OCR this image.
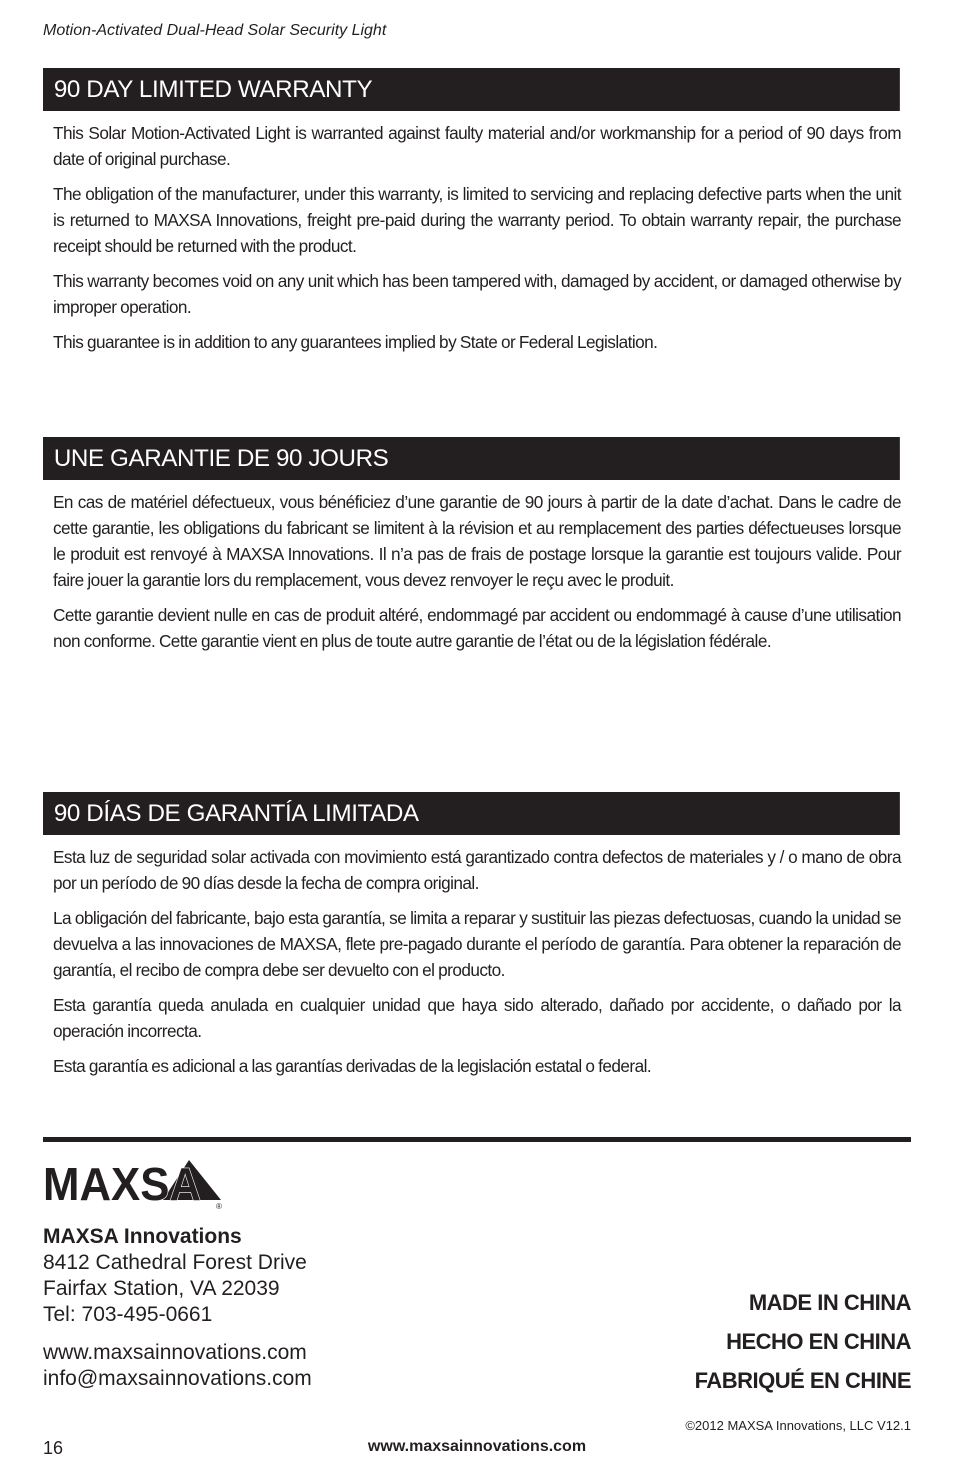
Motion-Activated Dual-Head Solar Security Light
90 DAY LIMITED WARRANTY

This Solar Motion-Activated Light is warranted against faulty material and/or workmanship for a period of 90 days from date of original purchase.

The obligation of the manufacturer, under this warranty, is limited to servicing and replacing defective parts when the unit is returned to MAXSA Innovations, freight pre-paid during the warranty period. To obtain warranty repair, the purchase receipt should be returned with the product.

This warranty becomes void on any unit which has been tampered with, damaged by accident, or damaged otherwise by improper operation.

This guarantee is in addition to any guarantees implied by State or Federal Legislation.

UNE GARANTIE DE 90 JOURS

En cas de matériel défectueux, vous bénéficiez d’une garantie de 90 jours à partir de la date d’achat. Dans le cadre de cette garantie, les obligations du fabricant se limitent à la révision et au remplacement des parties défectueuses lorsque le produit est renvoyé à MAXSA Innovations. Il n’a pas de frais de postage lorsque la garantie est toujours valide. Pour faire jouer la garantie lors du remplacement, vous devez renvoyer le reçu avec le produit.

Cette garantie devient nulle en cas de produit altéré, endommagé par accident ou endommagé à cause d’une utilisation non conforme. Cette garantie vient en plus de toute autre garantie de l’état ou de la législation fédérale.

90 DÍAS DE GARANTÍA LIMITADA

Esta luz de seguridad solar activada con movimiento está garantizado contra defectos de materiales y / o mano de obra por un período de 90 días desde la fecha de compra original.

La obligación del fabricante, bajo esta garantía, se limita a reparar y sustituir las piezas defectuosas, cuando la unidad se devuelva a las innovaciones de MAXSA, flete pre-pagado durante el período de garantía. Para obtener la reparación de garantía, el recibo de compra debe ser devuelto con el producto.

Esta garantía queda anulada en cualquier unidad que haya sido alterado, dañado por accidente, o dañado por la operación incorrecta.

Esta garantía es adicional a las garantías derivadas de la legislación estatal o federal.

MAXSA ®
MAXSA Innovations
8412 Cathedral Forest Drive
Fairfax Station, VA 22039
Tel: 703-495-0661
www.maxsainnovations.com
info@maxsainnovations.com
MADE IN CHINA
HECHO EN CHINA
FABRIQUÉ EN CHINE
©2012 MAXSA Innovations, LLC V12.1
16	www.maxsainnovations.com
